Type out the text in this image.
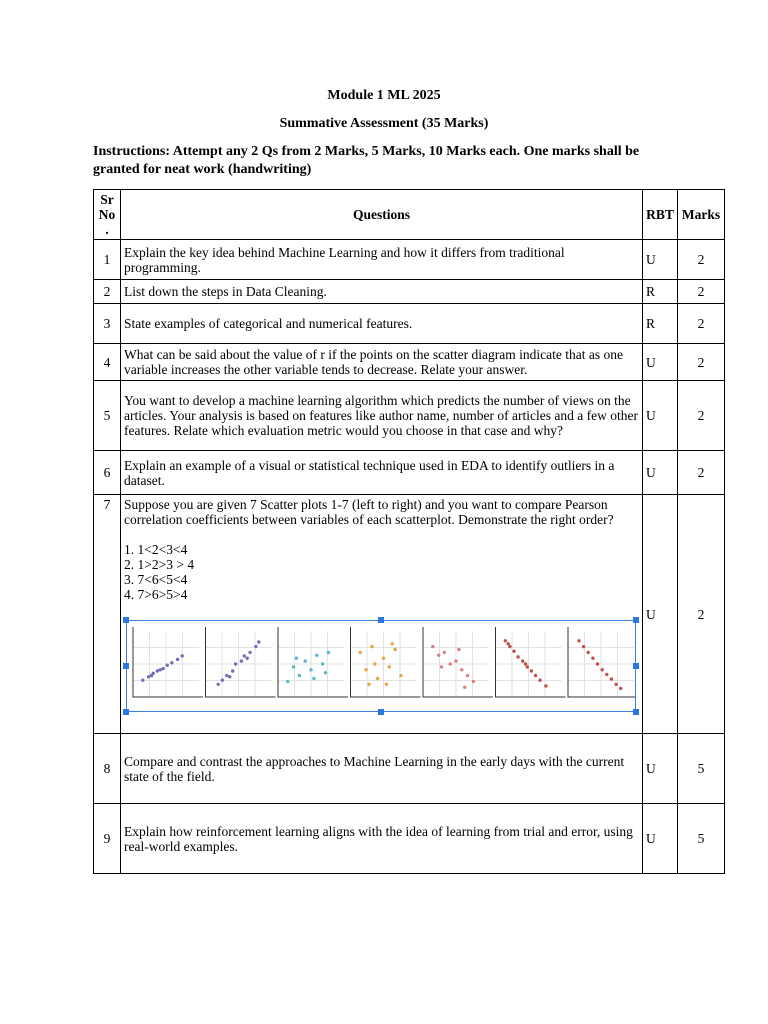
Module 1 ML 2025
Summative Assessment (35 Marks)
Instructions: Attempt any 2 Qs from 2 Marks, 5 Marks, 10 Marks each. One marks shall be granted for neat work (handwriting)
Sr No .	Questions	RBT	Marks
1	Explain the key idea behind Machine Learning and how it differs from traditional programming.	U	2
2	List down the steps in Data Cleaning.	R	2
3	State examples of categorical and numerical features.	R	2
4	What can be said about the value of r if the points on the scatter diagram indicate that as one variable increases the other variable tends to decrease. Relate your answer.	U	2
5	You want to develop a machine learning algorithm which predicts the number of views on the articles. Your analysis is based on features like author name, number of articles and a few other features. Relate which evaluation metric would you choose in that case and why?	U	2
6	Explain an example of a visual or statistical technique used in EDA to identify outliers in a dataset.	U	2
7	Suppose you are given 7 Scatter plots 1-7 (left to right) and you want to compare Pearson correlation coefficients between variables of each scatterplot. Demonstrate the right order?
1. 1<2<3<4
2. 1>2>3 > 4
3. 7<6<5<4
4. 7>6>5>4	U	2
8	Compare and contrast the approaches to Machine Learning in the early days with the current state of the field.	U	5
9	Explain how reinforcement learning aligns with the idea of learning from trial and error, using real-world examples.	U	5
